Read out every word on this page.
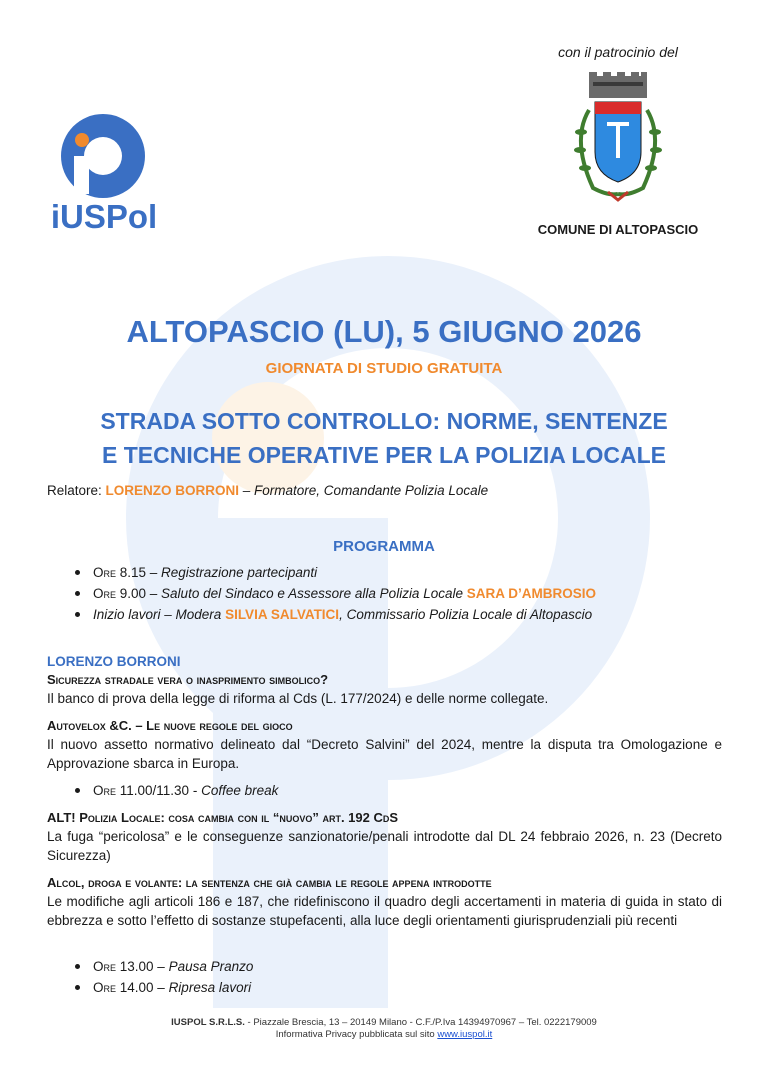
iUSPol
con il patrocinio del
COMUNE DI ALTOPASCIO
ALTOPASCIO (LU), 5 GIUGNO 2026
GIORNATA DI STUDIO GRATUITA
STRADA SOTTO CONTROLLO: NORME, SENTENZE
E TECNICHE OPERATIVE PER LA POLIZIA LOCALE
Relatore: LORENZO BORRONI – Formatore, Comandante Polizia Locale
PROGRAMMA
Ore 8.15 – Registrazione partecipanti
Ore 9.00 – Saluto del Sindaco e Assessore alla Polizia Locale SARA D’AMBROSIO
Inizio lavori – Modera SILVIA SALVATICI, Commissario Polizia Locale di Altopascio
LORENZO BORRONI
Sicurezza stradale vera o inasprimento simbolico?
Il banco di prova della legge di riforma al Cds (L. 177/2024) e delle norme collegate.
Autovelox &C. – Le nuove regole del gioco
Il nuovo assetto normativo delineato dal “Decreto Salvini” del 2024, mentre la disputa tra Omologazione e Approvazione sbarca in Europa.
Ore 11.00/11.30 - Coffee break
ALT! Polizia Locale: cosa cambia con il “nuovo” art. 192 CdS
La fuga “pericolosa” e le conseguenze sanzionatorie/penali introdotte dal DL 24 febbraio 2026, n. 23 (Decreto Sicurezza)
Alcol, droga e volante: la sentenza che già cambia le regole appena introdotte
Le modifiche agli articoli 186 e 187, che ridefiniscono il quadro degli accertamenti in materia di guida in stato di ebbrezza e sotto l’effetto di sostanze stupefacenti, alla luce degli orientamenti giurisprudenziali più recenti
Ore 13.00 – Pausa Pranzo
Ore 14.00 – Ripresa lavori
IUSPOL S.R.L.S. - Piazzale Brescia, 13 – 20149 Milano - C.F./P.Iva 14394970967 – Tel. 0222179009
Informativa Privacy pubblicata sul sito www.iuspol.it
